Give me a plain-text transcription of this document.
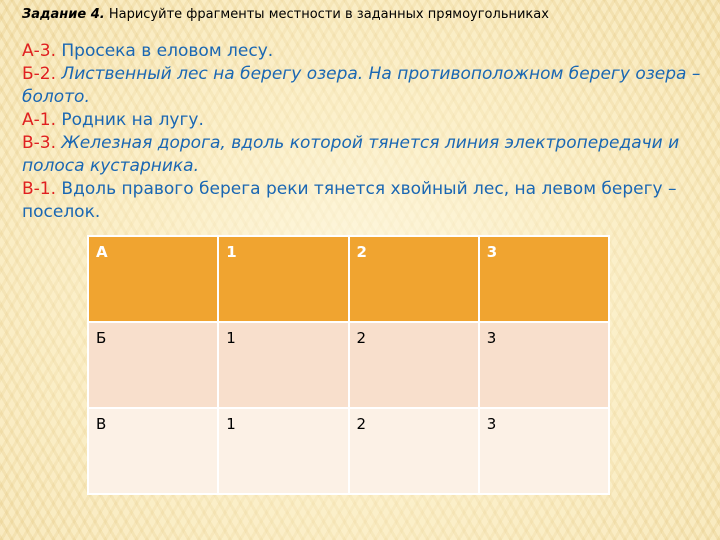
Задание 4. Нарисуйте фрагменты местности в заданных прямоугольниках

А-3. Просека в еловом лесу.

Б-2. Лиственный лес на берегу озера. На противоположном берегу озера – болото.

А-1. Родник на лугу.

В-3. Железная дорога, вдоль которой тянется линия электропередачи и полоса кустарника.

В-1. Вдоль правого берега реки тянется хвойный лес, на левом берегу – поселок.

А	1	2	3
Б	1	2	3
В	1	2	3
